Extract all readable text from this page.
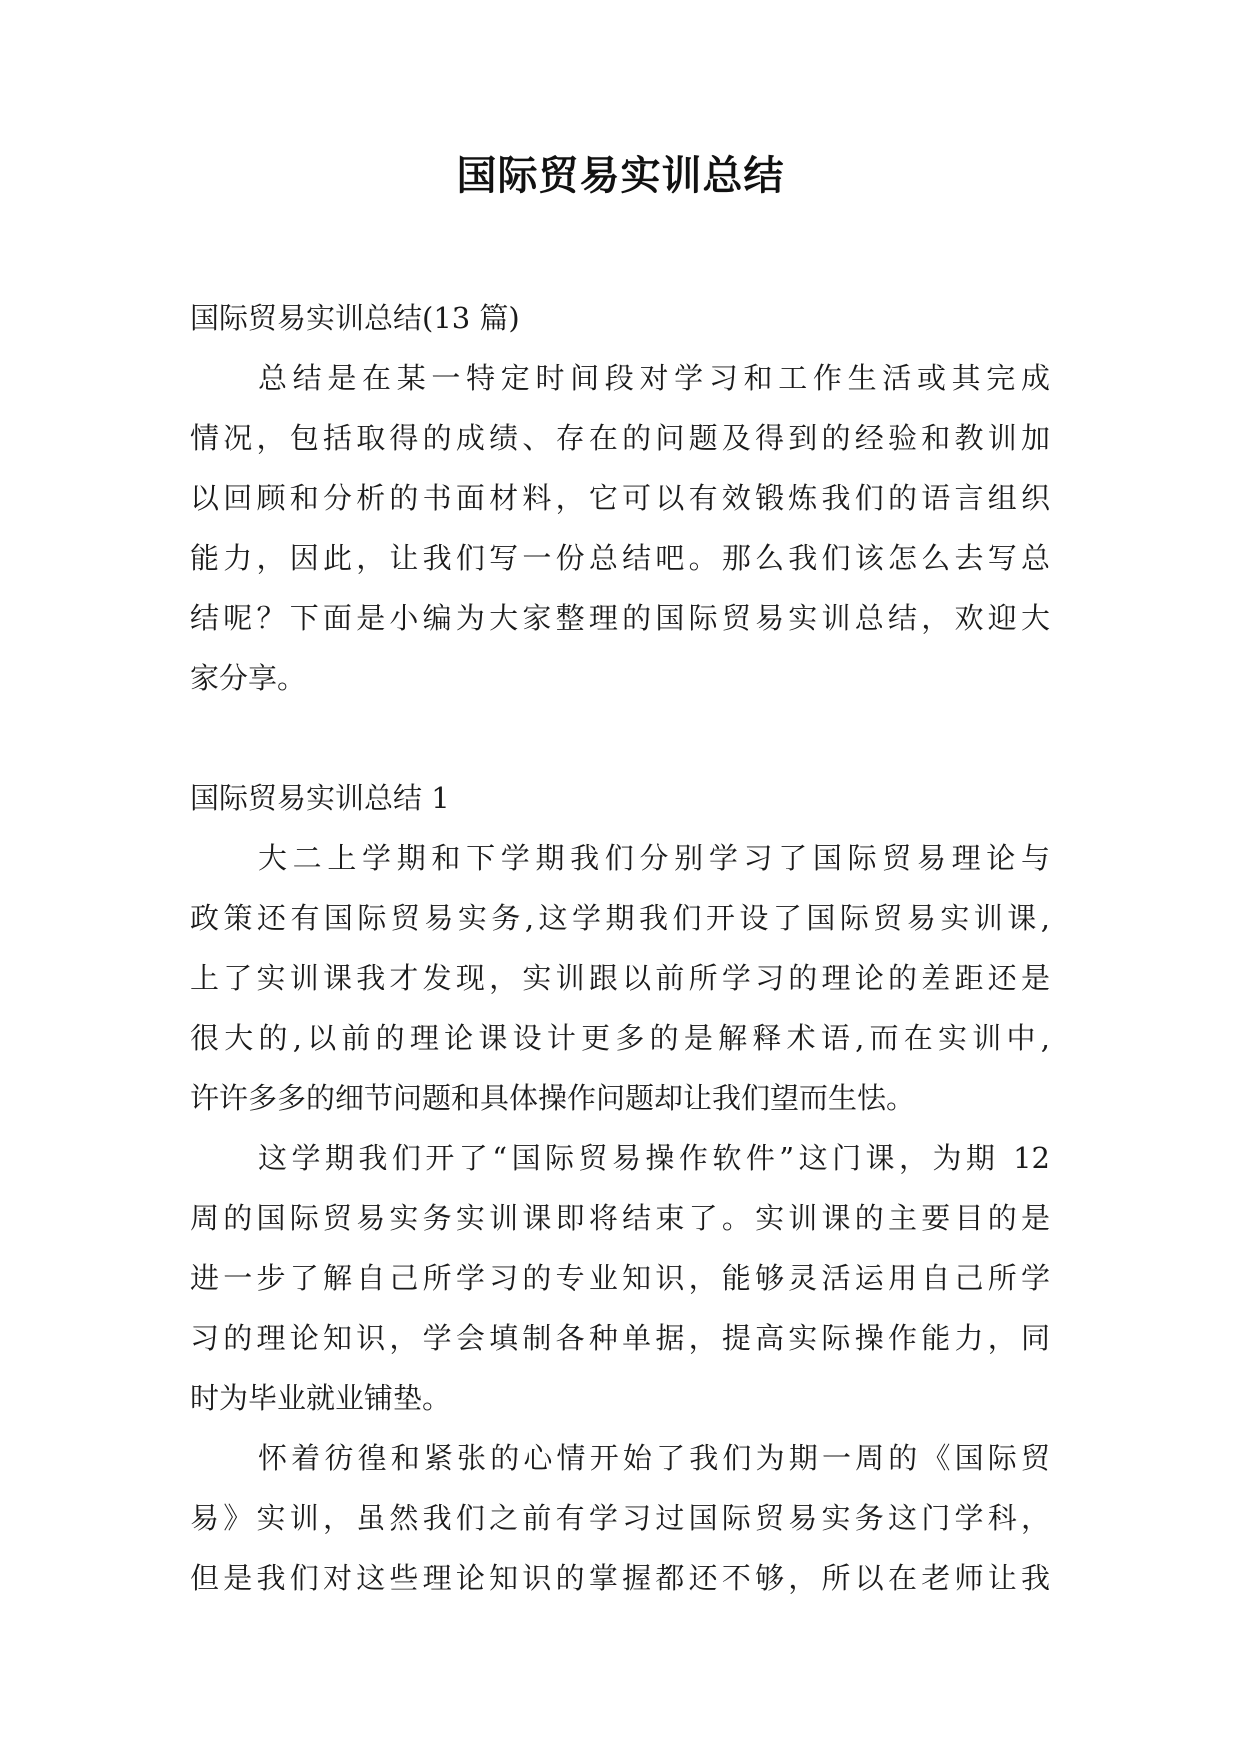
国际贸易实训总结
国际贸易实训总结(13 篇)
总结是在某一特定时间段对学习和工作生活或其完成
情况，包括取得的成绩、存在的问题及得到的经验和教训加
以回顾和分析的书面材料，它可以有效锻炼我们的语言组织
能力，因此，让我们写一份总结吧。那么我们该怎么去写总
结呢？下面是小编为大家整理的国际贸易实训总结，欢迎大
家分享。
国际贸易实训总结 1
大二上学期和下学期我们分别学习了国际贸易理论与
政策还有国际贸易实务,这学期我们开设了国际贸易实训课,
上了实训课我才发现，实训跟以前所学习的理论的差距还是
很大的,以前的理论课设计更多的是解释术语,而在实训中,
许许多多的细节问题和具体操作问题却让我们望而生怯。
这学期我们开了“国际贸易操作软件”这门课，为期 12
周的国际贸易实务实训课即将结束了。实训课的主要目的是
进一步了解自己所学习的专业知识，能够灵活运用自己所学
习的理论知识，学会填制各种单据，提高实际操作能力，同
时为毕业就业铺垫。
怀着彷徨和紧张的心情开始了我们为期一周的《国际贸
易》实训，虽然我们之前有学习过国际贸易实务这门学科，
但是我们对这些理论知识的掌握都还不够，所以在老师让我
